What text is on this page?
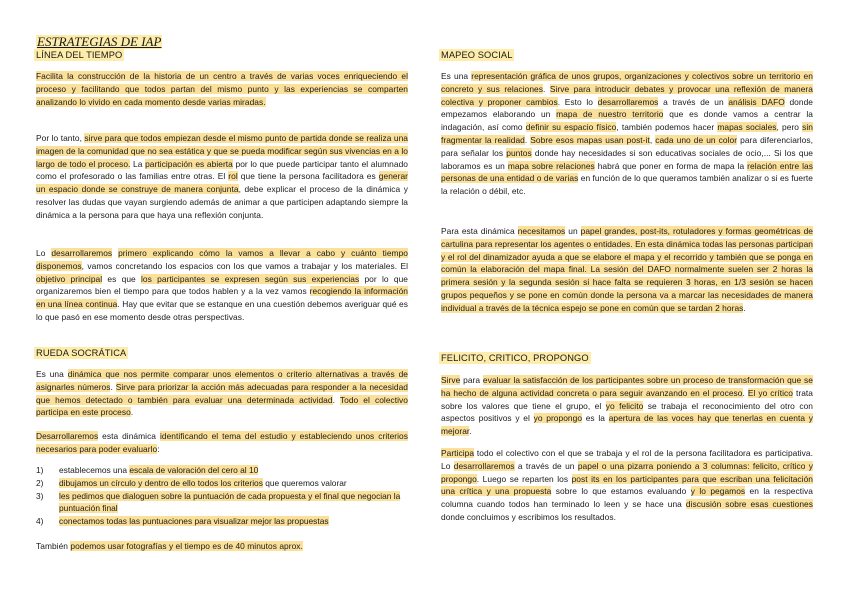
ESTRATEGIAS DE IAP
LÍNEA DEL TIEMPO
Facilita la construcción de la historia de un centro a través de varias voces enriqueciendo el proceso y facilitando que todos partan del mismo punto y las experiencias se comparten analizando lo vivido en cada momento desde varias miradas.
Por lo tanto, sirve para que todos empiezan desde el mismo punto de partida donde se realiza una imagen de la comunidad que no sea estática y que se pueda modificar según sus vivencias en a lo largo de todo el proceso. La participación es abierta por lo que puede participar tanto el alumnado como el profesorado o las familias entre otras. El rol que tiene la persona facilitadora es generar un espacio donde se construye de manera conjunta, debe explicar el proceso de la dinámica y resolver las dudas que vayan surgiendo además de animar a que participen adaptando siempre la dinámica a la persona para que haya una reflexión conjunta.
Lo desarrollaremos primero explicando cómo la vamos a llevar a cabo y cuánto tiempo disponemos, vamos concretando los espacios con los que vamos a trabajar y los materiales. El objetivo principal es que los participantes se expresen según sus experiencias por lo que organizaremos bien el tiempo para que todos hablen y a la vez vamos recogiendo la información en una línea continua. Hay que evitar que se estanque en una cuestión debemos averiguar qué es lo que pasó en ese momento desde otras perspectivas.
RUEDA SOCRÁTICA
Es una dinámica que nos permite comparar unos elementos o criterio alternativas a través de asignarles números. Sirve para priorizar la acción más adecuadas para responder a la necesidad que hemos detectado o también para evaluar una determinada actividad. Todo el colectivo participa en este proceso.
Desarrollaremos esta dinámica identificando el tema del estudio y estableciendo unos criterios necesarios para poder evaluarlo:
1) establecemos una escala de valoración del cero al 10
2) dibujamos un círculo y dentro de ello todos los criterios que queremos valorar
3) les pedimos que dialoguen sobre la puntuación de cada propuesta y el final que negocian la puntuación final
4) conectamos todas las puntuaciones para visualizar mejor las propuestas
También podemos usar fotografías y el tiempo es de 40 minutos aprox.
MAPEO SOCIAL
Es una representación gráfica de unos grupos, organizaciones y colectivos sobre un territorio en concreto y sus relaciones. Sirve para introducir debates y provocar una reflexión de manera colectiva y proponer cambios. Esto lo desarrollaremos a través de un análisis DAFO donde empezamos elaborando un mapa de nuestro territorio que es donde vamos a centrar la indagación, así como definir su espacio físico, también podemos hacer mapas sociales, pero sin fragmentar la realidad. Sobre esos mapas usan post-it, cada uno de un color para diferenciarlos, para señalar los puntos donde hay necesidades si son educativas sociales de ocio,... Si los que laboramos es un mapa sobre relaciones habrá que poner en forma de mapa la relación entre las personas de una entidad o de varias en función de lo que queramos también analizar o si es fuerte la relación o débil, etc.
Para esta dinámica necesitamos un papel grandes, post-its, rotuladores y formas geométricas de cartulina para representar los agentes o entidades. En esta dinámica todas las personas participan y el rol del dinamizador ayuda a que se elabore el mapa y el recorrido y también que se ponga en común la elaboración del mapa final. La sesión del DAFO normalmente suelen ser 2 horas la primera sesión y la segunda sesión si hace falta se requieren 3 horas, en 1/3 sesión se hacen grupos pequeños y se pone en común donde la persona va a marcar las necesidades de manera individual a través de la técnica espejo se pone en común que se tardan 2 horas.
FELICITO, CRITICO, PROPONGO
Sirve para evaluar la satisfacción de los participantes sobre un proceso de transformación que se ha hecho de alguna actividad concreta o para seguir avanzando en el proceso. El yo crítico trata sobre los valores que tiene el grupo, el yo felicito se trabaja el reconocimiento del otro con aspectos positivos y el yo propongo es la apertura de las voces hay que tenerlas en cuenta y mejorar.
Participa todo el colectivo con el que se trabaja y el rol de la persona facilitadora es participativa. Lo desarrollaremos a través de un papel o una pizarra poniendo a 3 columnas: felicito, crítico y propongo. Luego se reparten los post its en los participantes para que escriban una felicitación una crítica y una propuesta sobre lo que estamos evaluando y lo pegamos en la respectiva columna cuando todos han terminado lo leen y se hace una discusión sobre esas cuestiones donde concluimos y escribimos los resultados.
